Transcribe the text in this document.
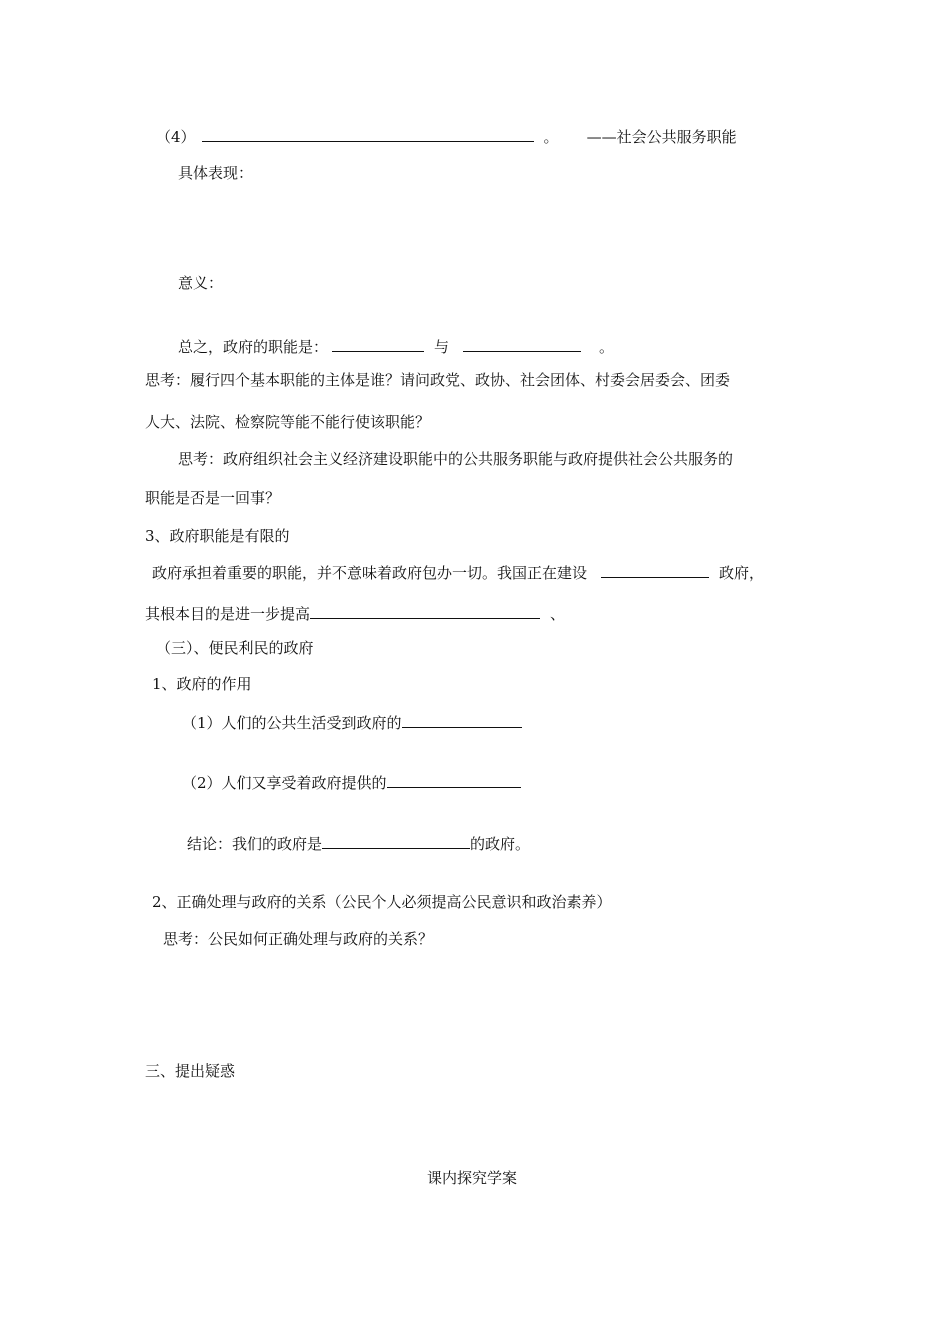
（4）	。 ——社会公共服务职能
具体表现：
意义：
总之，政府的职能是：	与	。
思考：履行四个基本职能的主体是谁？请问政党、政协、社会团体、村委会居委会、团委
人大、法院、检察院等能不能行使该职能？
思考：政府组织社会主义经济建设职能中的公共服务职能与政府提供社会公共服务的
职能是否是一回事？
3、政府职能是有限的
政府承担着重要的职能，并不意味着政府包办一切。我国正在建设	政府，
其根本目的是进一步提高	、
（三）、便民利民的政府
1、政府的作用
（1）人们的公共生活受到政府的
（2）人们又享受着政府提供的
结论：我们的政府是	的政府。
2、正确处理与政府的关系（公民个人必须提高公民意识和政治素养）
思考：公民如何正确处理与政府的关系？
三、提出疑惑
课内探究学案
